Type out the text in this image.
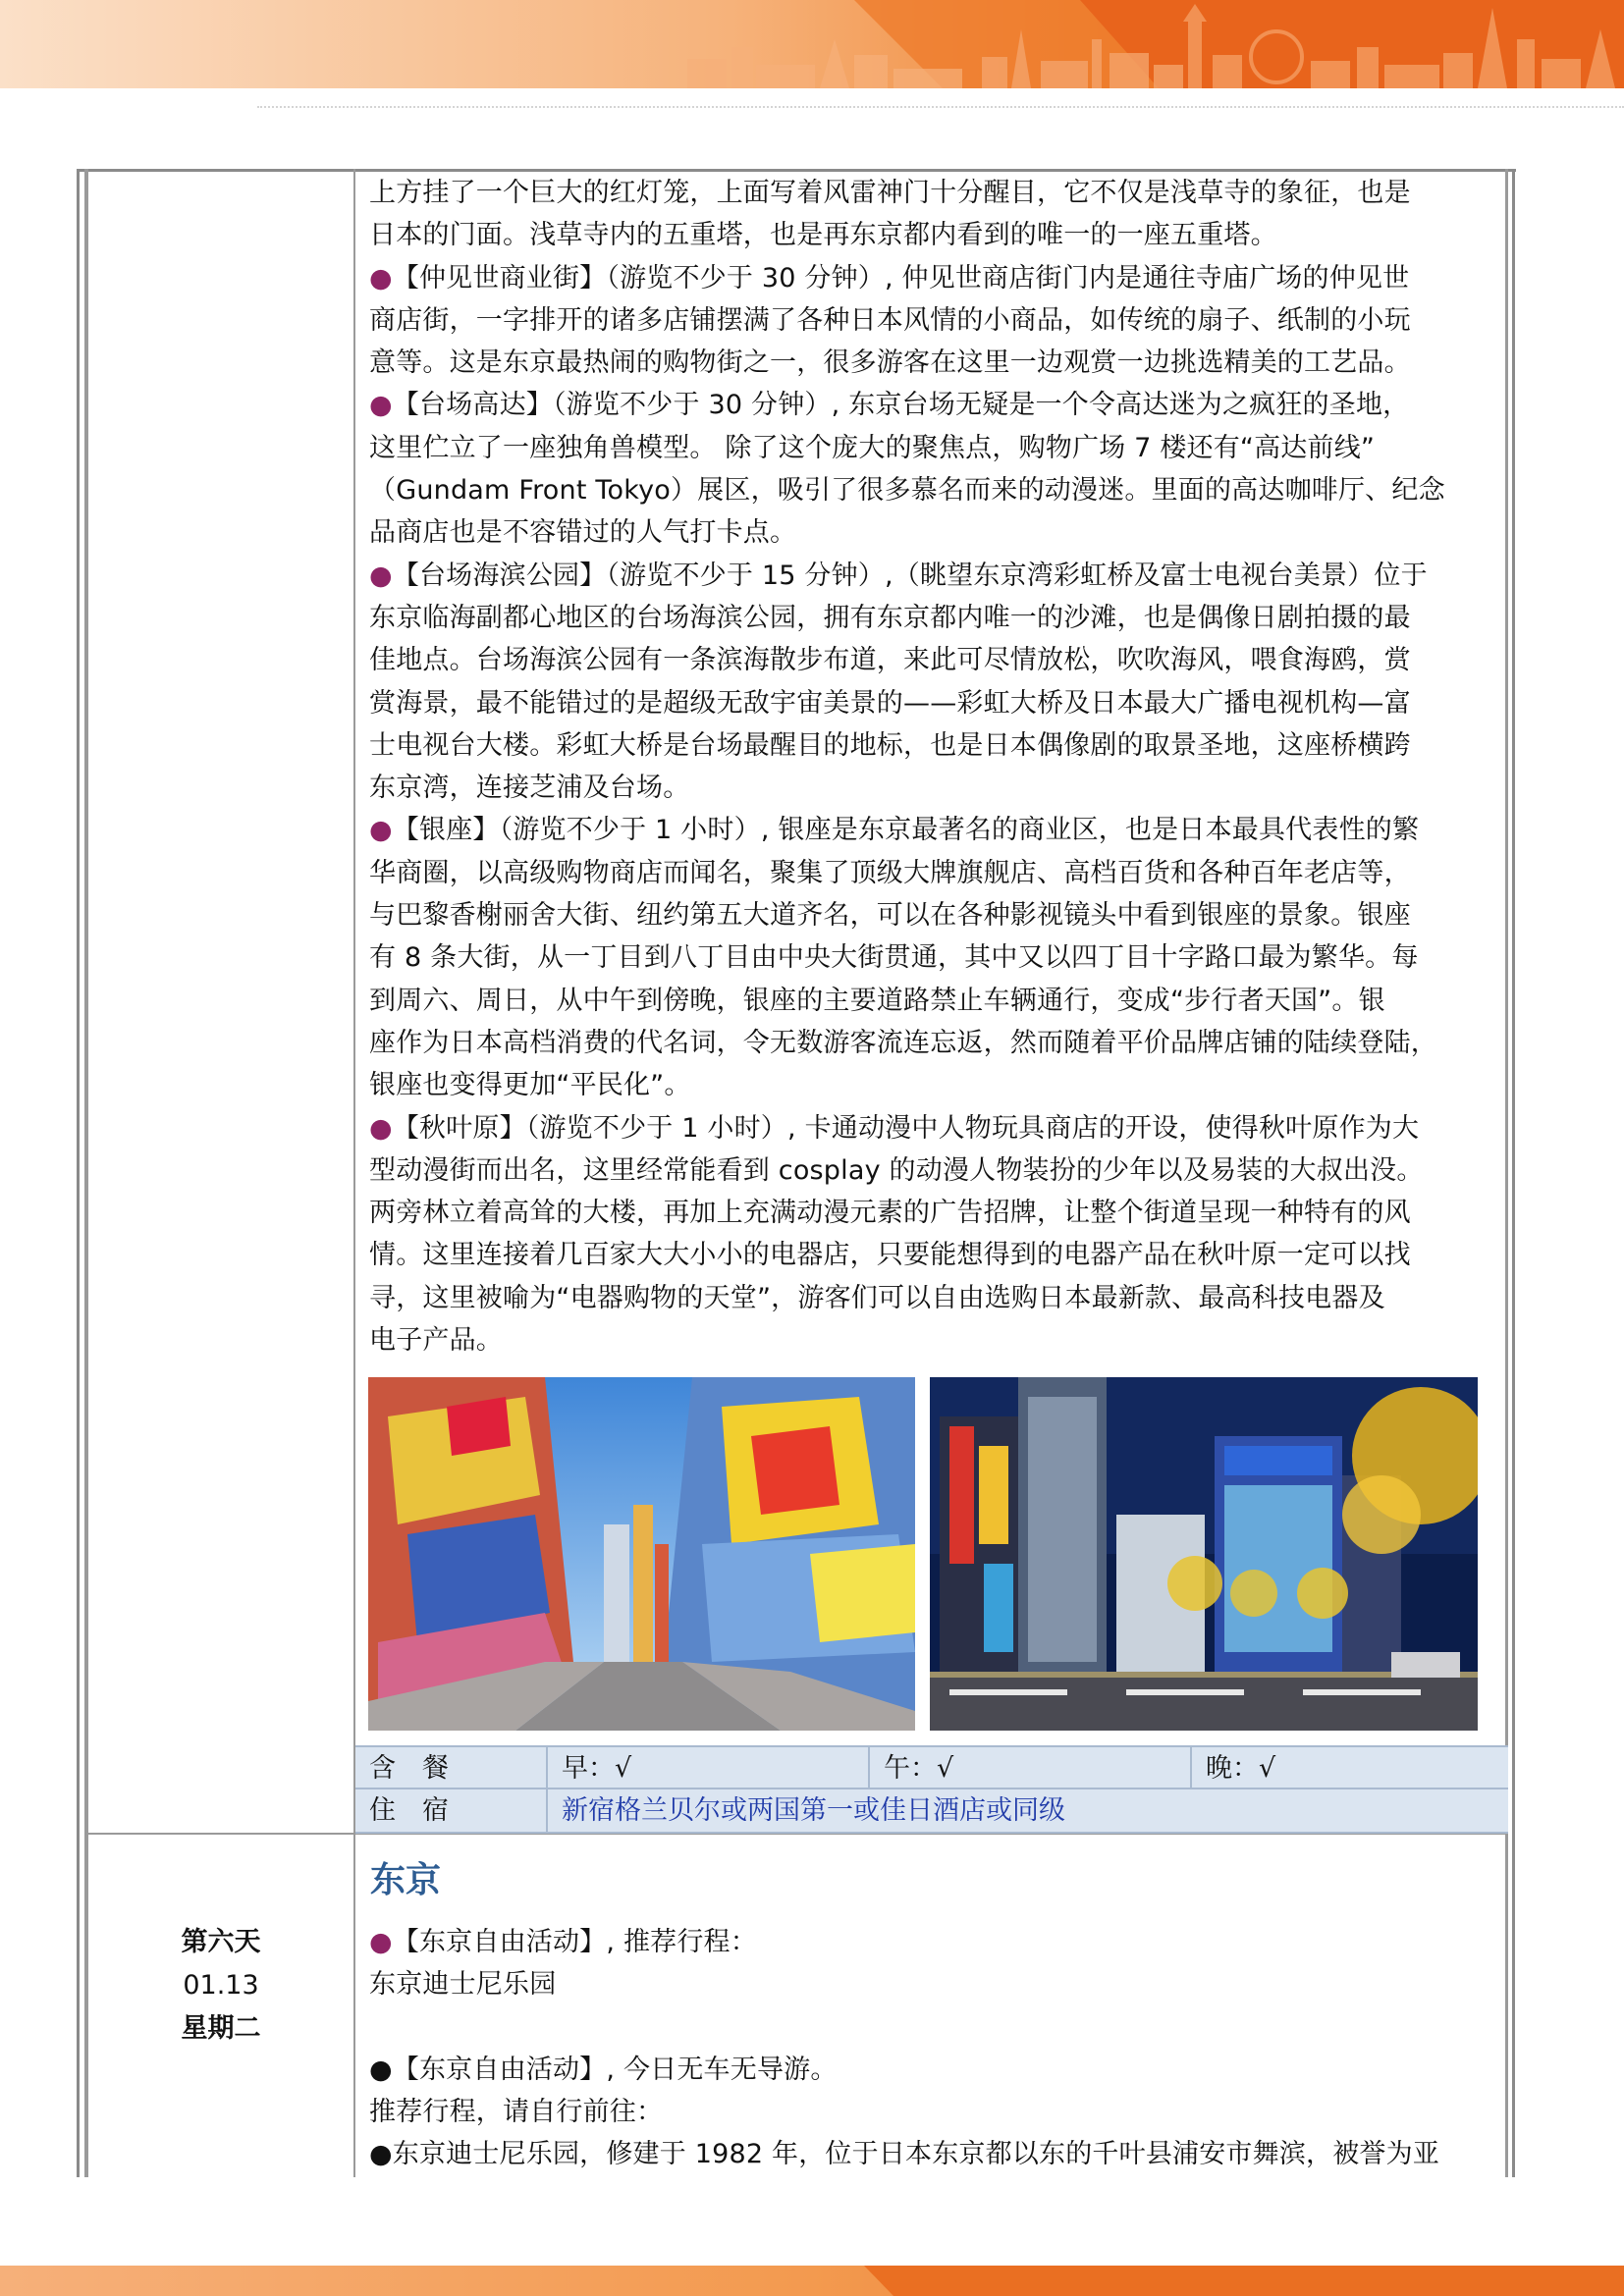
上方挂了一个巨大的红灯笼，上面写着风雷神门十分醒目，它不仅是浅草寺的象征，也是
日本的门面。浅草寺内的五重塔，也是再东京都内看到的唯一的一座五重塔。
●【仲见世商业街】（游览不少于 30 分钟）, 仲见世商店街门内是通往寺庙广场的仲见世
商店街，一字排开的诸多店铺摆满了各种日本风情的小商品，如传统的扇子、纸制的小玩
意等。这是东京最热闹的购物街之一，很多游客在这里一边观赏一边挑选精美的工艺品。
●【台场高达】（游览不少于 30 分钟）, 东京台场无疑是一个令高达迷为之疯狂的圣地，
这里伫立了一座独角兽模型。 除了这个庞大的聚焦点，购物广场 7 楼还有“高达前线”
（Gundam Front Tokyo）展区，吸引了很多慕名而来的动漫迷。里面的高达咖啡厅、纪念
品商店也是不容错过的人气打卡点。
●【台场海滨公园】（游览不少于 15 分钟）,（眺望东京湾彩虹桥及富士电视台美景）位于
东京临海副都心地区的台场海滨公园，拥有东京都内唯一的沙滩，也是偶像日剧拍摄的最
佳地点。台场海滨公园有一条滨海散步布道，来此可尽情放松，吹吹海风，喂食海鸥，赏
赏海景，最不能错过的是超级无敌宇宙美景的——彩虹大桥及日本最大广播电视机构—富
士电视台大楼。彩虹大桥是台场最醒目的地标，也是日本偶像剧的取景圣地，这座桥横跨
东京湾，连接芝浦及台场。
●【银座】（游览不少于 1 小时）, 银座是东京最著名的商业区，也是日本最具代表性的繁
华商圈，以高级购物商店而闻名，聚集了顶级大牌旗舰店、高档百货和各种百年老店等，
与巴黎香榭丽舍大街、纽约第五大道齐名，可以在各种影视镜头中看到银座的景象。银座
有 8 条大街，从一丁目到八丁目由中央大街贯通，其中又以四丁目十字路口最为繁华。每
到周六、周日，从中午到傍晚，银座的主要道路禁止车辆通行，变成“步行者天国”。银
座作为日本高档消费的代名词，令无数游客流连忘返，然而随着平价品牌店铺的陆续登陆，
银座也变得更加“平民化”。
●【秋叶原】（游览不少于 1 小时）, 卡通动漫中人物玩具商店的开设，使得秋叶原作为大
型动漫街而出名，这里经常能看到 cosplay 的动漫人物装扮的少年以及易装的大叔出没。
两旁林立着高耸的大楼，再加上充满动漫元素的广告招牌，让整个街道呈现一种特有的风
情。这里连接着几百家大大小小的电器店，只要能想得到的电器产品在秋叶原一定可以找
寻，这里被喻为“电器购物的天堂”，游客们可以自由选购日本最新款、最高科技电器及
电子产品。
含　餐	早：√	午：√	晚：√
住　宿	新宿格兰贝尔或两国第一或佳日酒店或同级
第六天
01.13
星期二
东京
●【东京自由活动】, 推荐行程：
东京迪士尼乐园
●【东京自由活动】, 今日无车无导游。
推荐行程，请自行前往：
●东京迪士尼乐园，修建于 1982 年，位于日本东京都以东的千叶县浦安市舞滨，被誉为亚
